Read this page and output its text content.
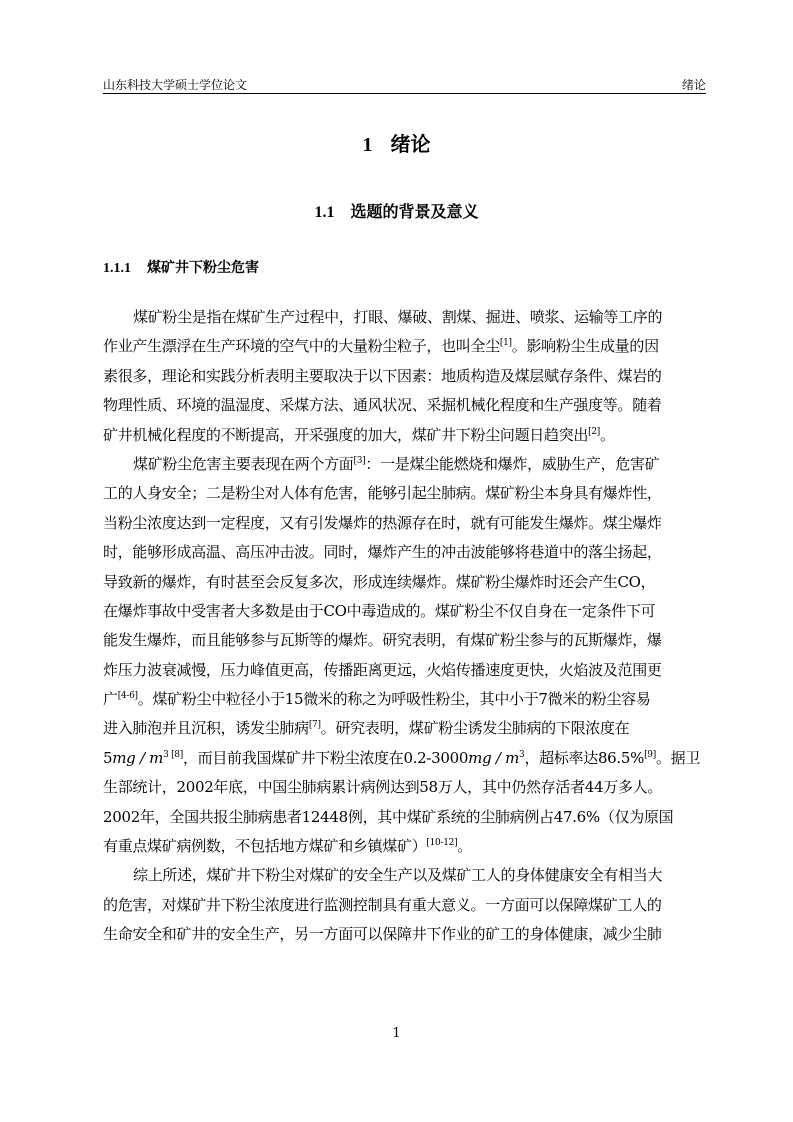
山东科技大学硕士学位论文	绪论
1 绪论
1.1 选题的背景及意义
1.1.1 煤矿井下粉尘危害
煤矿粉尘是指在煤矿生产过程中，打眼、爆破、割煤、掘进、喷浆、运输等工序的
作业产生漂浮在生产环境的空气中的大量粉尘粒子，也叫全尘[1]。影响粉尘生成量的因
素很多，理论和实践分析表明主要取决于以下因素：地质构造及煤层赋存条件、煤岩的
物理性质、环境的温湿度、采煤方法、通风状况、采掘机械化程度和生产强度等。随着
矿井机械化程度的不断提高，开采强度的加大，煤矿井下粉尘问题日趋突出[2]。
煤矿粉尘危害主要表现在两个方面[3]：一是煤尘能燃烧和爆炸，威胁生产，危害矿
工的人身安全；二是粉尘对人体有危害，能够引起尘肺病。煤矿粉尘本身具有爆炸性，
当粉尘浓度达到一定程度，又有引发爆炸的热源存在时，就有可能发生爆炸。煤尘爆炸
时，能够形成高温、高压冲击波。同时，爆炸产生的冲击波能够将巷道中的落尘扬起，
导致新的爆炸，有时甚至会反复多次，形成连续爆炸。煤矿粉尘爆炸时还会产生CO，
在爆炸事故中受害者大多数是由于CO中毒造成的。煤矿粉尘不仅自身在一定条件下可
能发生爆炸，而且能够参与瓦斯等的爆炸。研究表明，有煤矿粉尘参与的瓦斯爆炸，爆
炸压力波衰减慢，压力峰值更高，传播距离更远，火焰传播速度更快，火焰波及范围更
广[4-6]。煤矿粉尘中粒径小于15微米的称之为呼吸性粉尘，其中小于7微米的粉尘容易
进入肺泡并且沉积，诱发尘肺病[7]。研究表明，煤矿粉尘诱发尘肺病的下限浓度在
$5mg / m^3$ [8]，而目前我国煤矿井下粉尘浓度在$0.2-3000mg / m^3$，超标率达86.5%[9]。据卫
生部统计，2002年底，中国尘肺病累计病例达到58万人，其中仍然存活者44万多人。
2002年，全国共报尘肺病患者12448例，其中煤矿系统的尘肺病例占47.6%（仅为原国
有重点煤矿病例数，不包括地方煤矿和乡镇煤矿）[10-12]。
综上所述，煤矿井下粉尘对煤矿的安全生产以及煤矿工人的身体健康安全有相当大
的危害，对煤矿井下粉尘浓度进行监测控制具有重大意义。一方面可以保障煤矿工人的
生命安全和矿井的安全生产，另一方面可以保障井下作业的矿工的身体健康，减少尘肺
1
